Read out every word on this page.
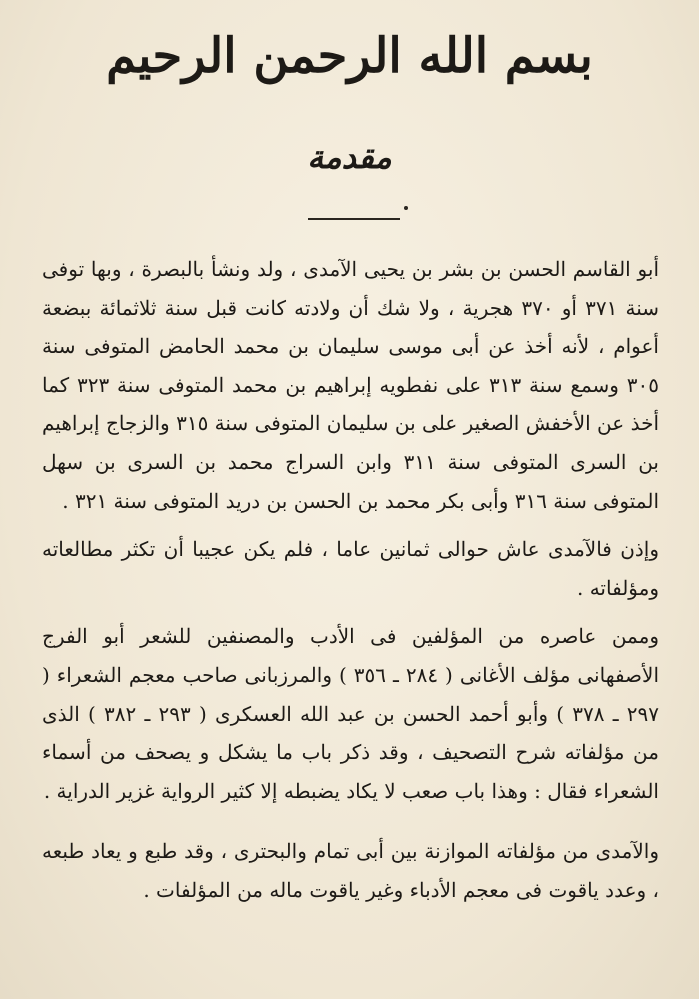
بسم الله الرحمن الرحيم
مقدمة

أبو القاسم الحسن بن بشر بن يحيى الآمدى ، ولد ونشأ بالبصرة ، وبها توفى سنة ٣٧١ أو ٣٧٠ هجرية ، ولا شك أن ولادته كانت قبل سنة ثلاثمائة ببضعة أعوام ، لأنه أخذ عن أبى موسى سليمان بن محمد الحامض المتوفى سنة ٣٠٥ وسمع سنة ٣١٣ على نفطويه إبراهيم بن محمد المتوفى سنة ٣٢٣ كما أخذ عن الأخفش الصغير على بن سليمان المتوفى سنة ٣١٥ والزجاج إبراهيم بن السرى المتوفى سنة ٣١١ وابن السراج محمد بن السرى بن سهل المتوفى سنة ٣١٦ وأبى بكر محمد بن الحسن بن دريد المتوفى سنة ٣٢١ .

وإذن فالآمدى عاش حوالى ثمانين عاما ، فلم يكن عجيبا أن تكثر مطالعاته ومؤلفاته .

وممن عاصره من المؤلفين فى الأدب والمصنفين للشعر أبو الفرج الأصفهانى مؤلف الأغانى ( ٢٨٤ ـ ٣٥٦ ) والمرزبانى صاحب معجم الشعراء ( ٢٩٧ ـ ٣٧٨ ) وأبو أحمد الحسن بن عبد الله العسكرى ( ٢٩٣ ـ ٣٨٢ ) الذى من مؤلفاته شرح التصحيف ، وقد ذكر باب ما يشكل و يصحف من أسماء الشعراء فقال : وهذا باب صعب لا يكاد يضبطه إلا كثير الرواية غزير الدراية .

والآمدى من مؤلفاته الموازنة بين أبى تمام والبحترى ، وقد طبع و يعاد طبعه ، وعدد ياقوت فى معجم الأدباء وغير ياقوت ماله من المؤلفات .
